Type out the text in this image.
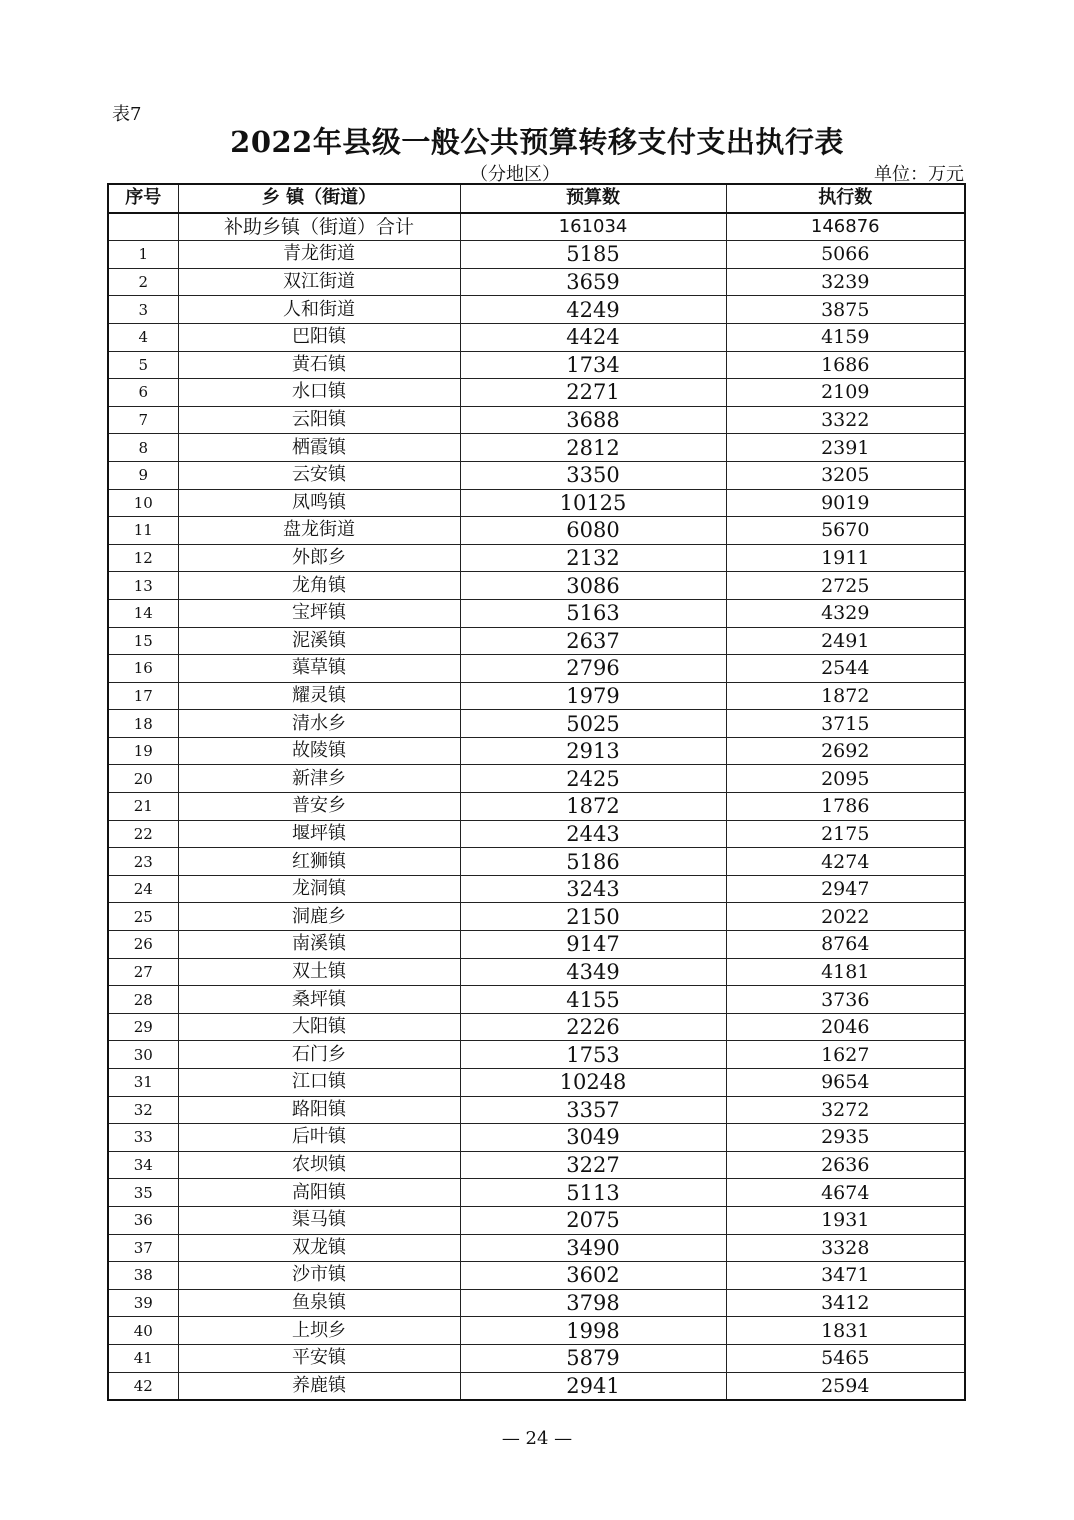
表7
2022年县级一般公共预算转移支付支出执行表
（分地区）	单位：万元
序号	乡 镇（街道）	预算数	执行数
	补助乡镇（街道）合计	161034	146876
1	青龙街道	5185	5066
2	双江街道	3659	3239
3	人和街道	4249	3875
4	巴阳镇	4424	4159
5	黄石镇	1734	1686
6	水口镇	2271	2109
7	云阳镇	3688	3322
8	栖霞镇	2812	2391
9	云安镇	3350	3205
10	凤鸣镇	10125	9019
11	盘龙街道	6080	5670
12	外郎乡	2132	1911
13	龙角镇	3086	2725
14	宝坪镇	5163	4329
15	泥溪镇	2637	2491
16	蕖草镇	2796	2544
17	耀灵镇	1979	1872
18	清水乡	5025	3715
19	故陵镇	2913	2692
20	新津乡	2425	2095
21	普安乡	1872	1786
22	堰坪镇	2443	2175
23	红狮镇	5186	4274
24	龙洞镇	3243	2947
25	洞鹿乡	2150	2022
26	南溪镇	9147	8764
27	双土镇	4349	4181
28	桑坪镇	4155	3736
29	大阳镇	2226	2046
30	石门乡	1753	1627
31	江口镇	10248	9654
32	路阳镇	3357	3272
33	后叶镇	3049	2935
34	农坝镇	3227	2636
35	高阳镇	5113	4674
36	渠马镇	2075	1931
37	双龙镇	3490	3328
38	沙市镇	3602	3471
39	鱼泉镇	3798	3412
40	上坝乡	1998	1831
41	平安镇	5879	5465
42	养鹿镇	2941	2594
— 24 —
